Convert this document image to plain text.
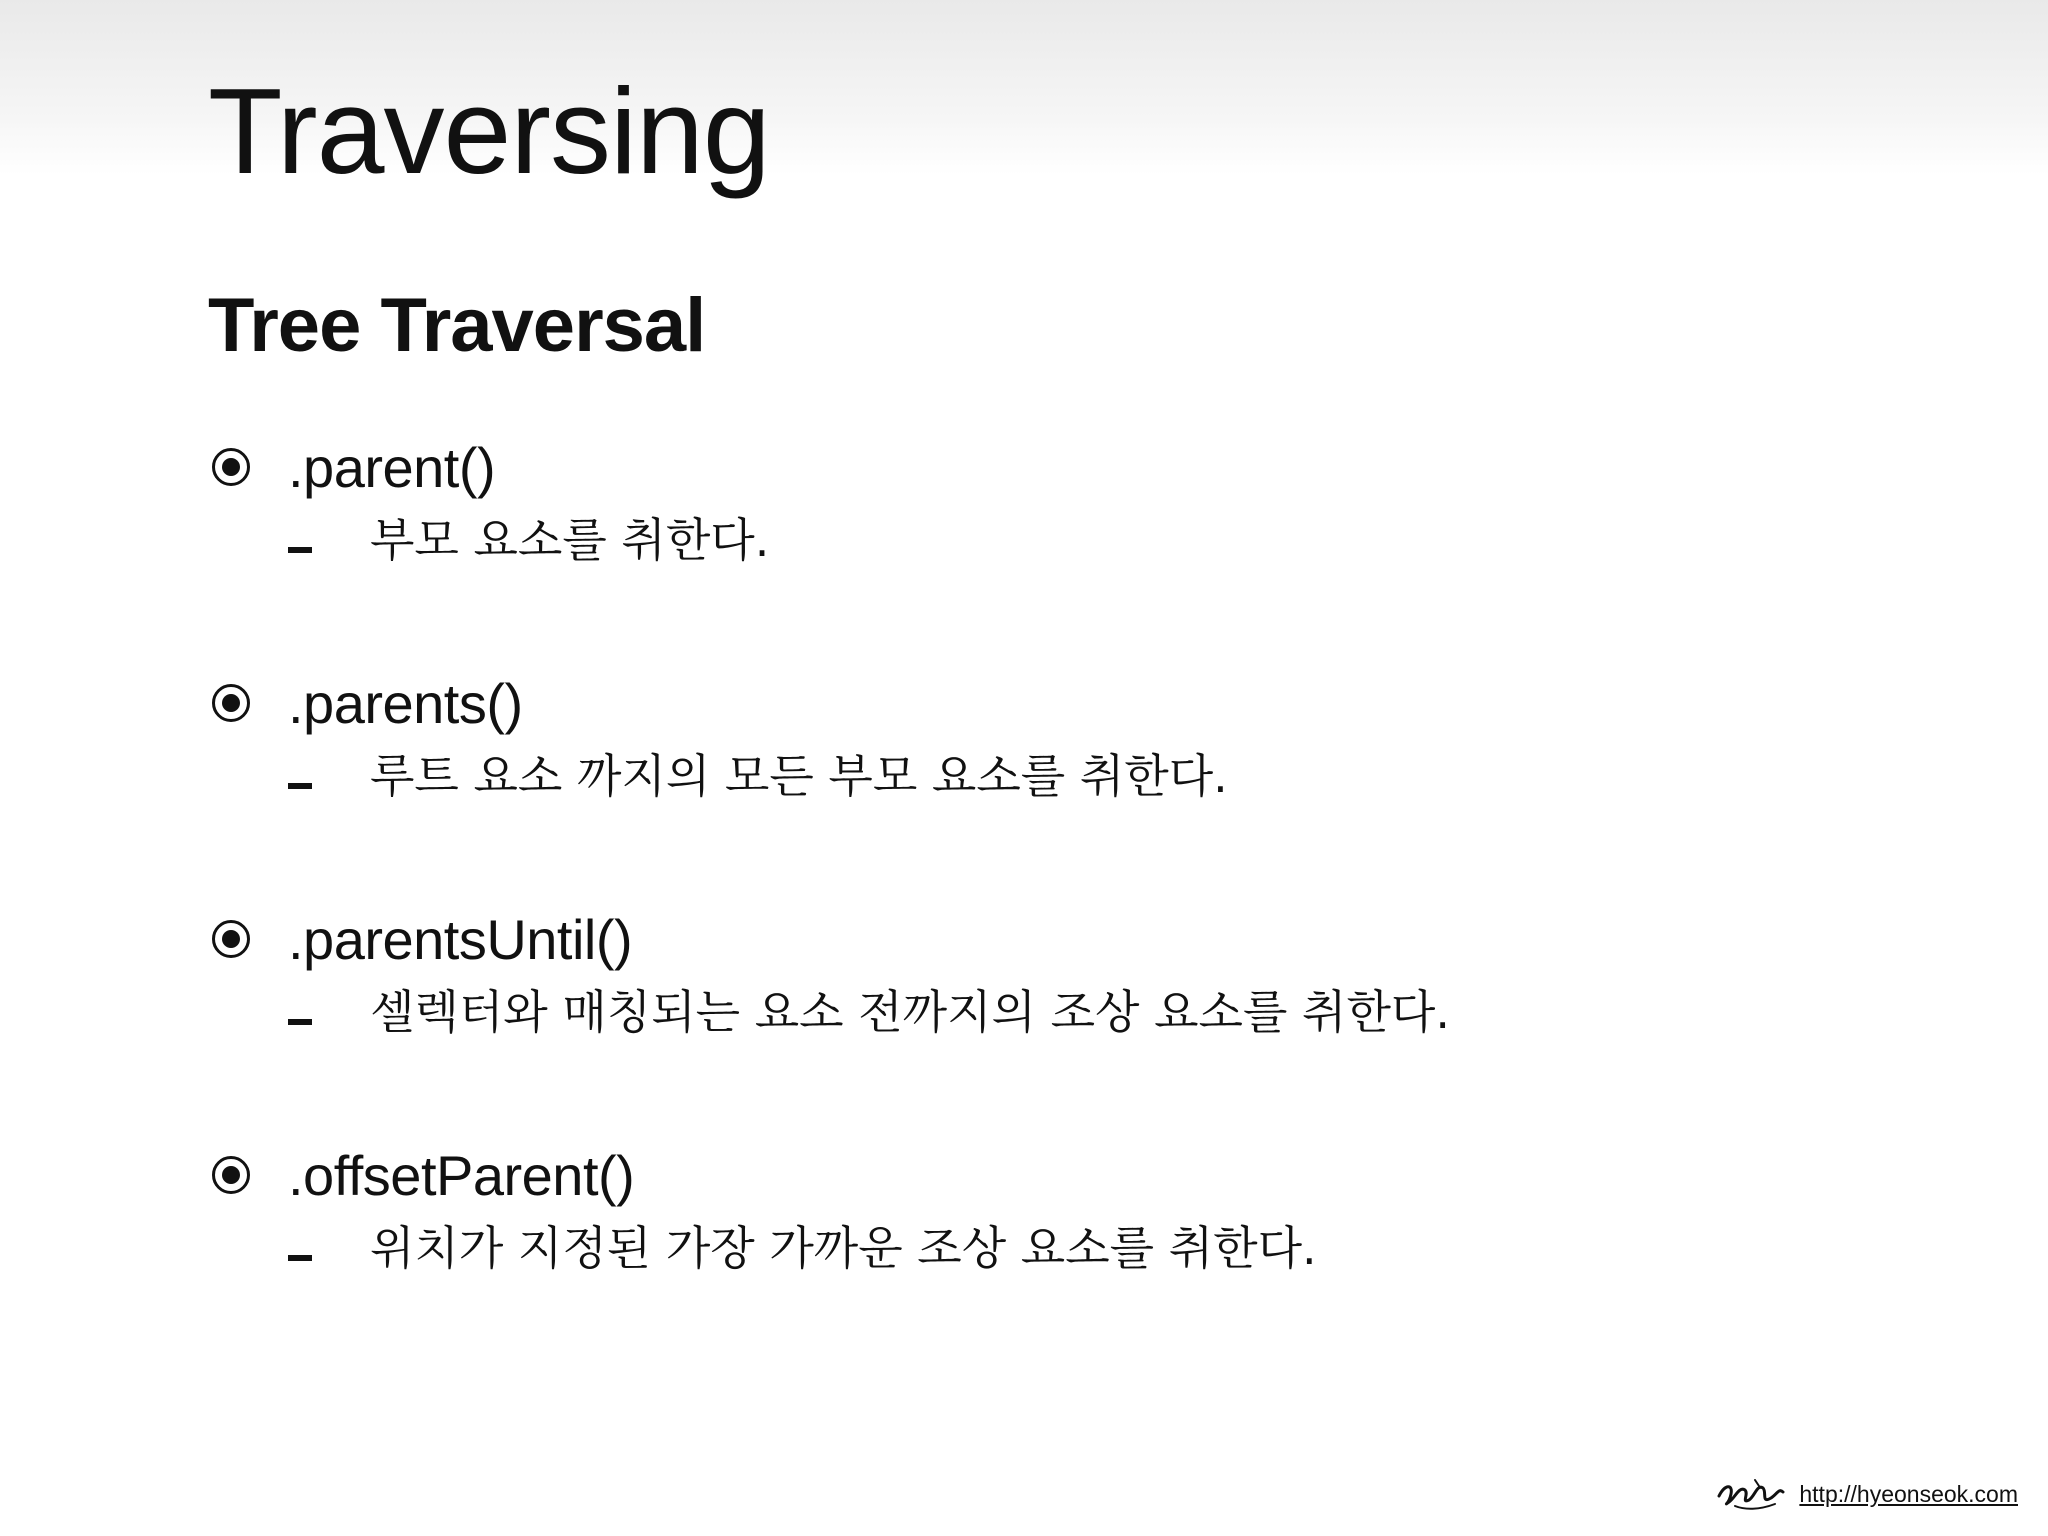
Traversing
Tree Traversal
.parent()
부모 요소를 취한다.
.parents()
루트 요소 까지의 모든 부모 요소를 취한다.
.parentsUntil()
셀렉터와 매칭되는 요소 전까지의 조상 요소를 취한다.
.offsetParent()
위치가 지정된 가장 가까운 조상 요소를 취한다.
http://hyeonseok.com
